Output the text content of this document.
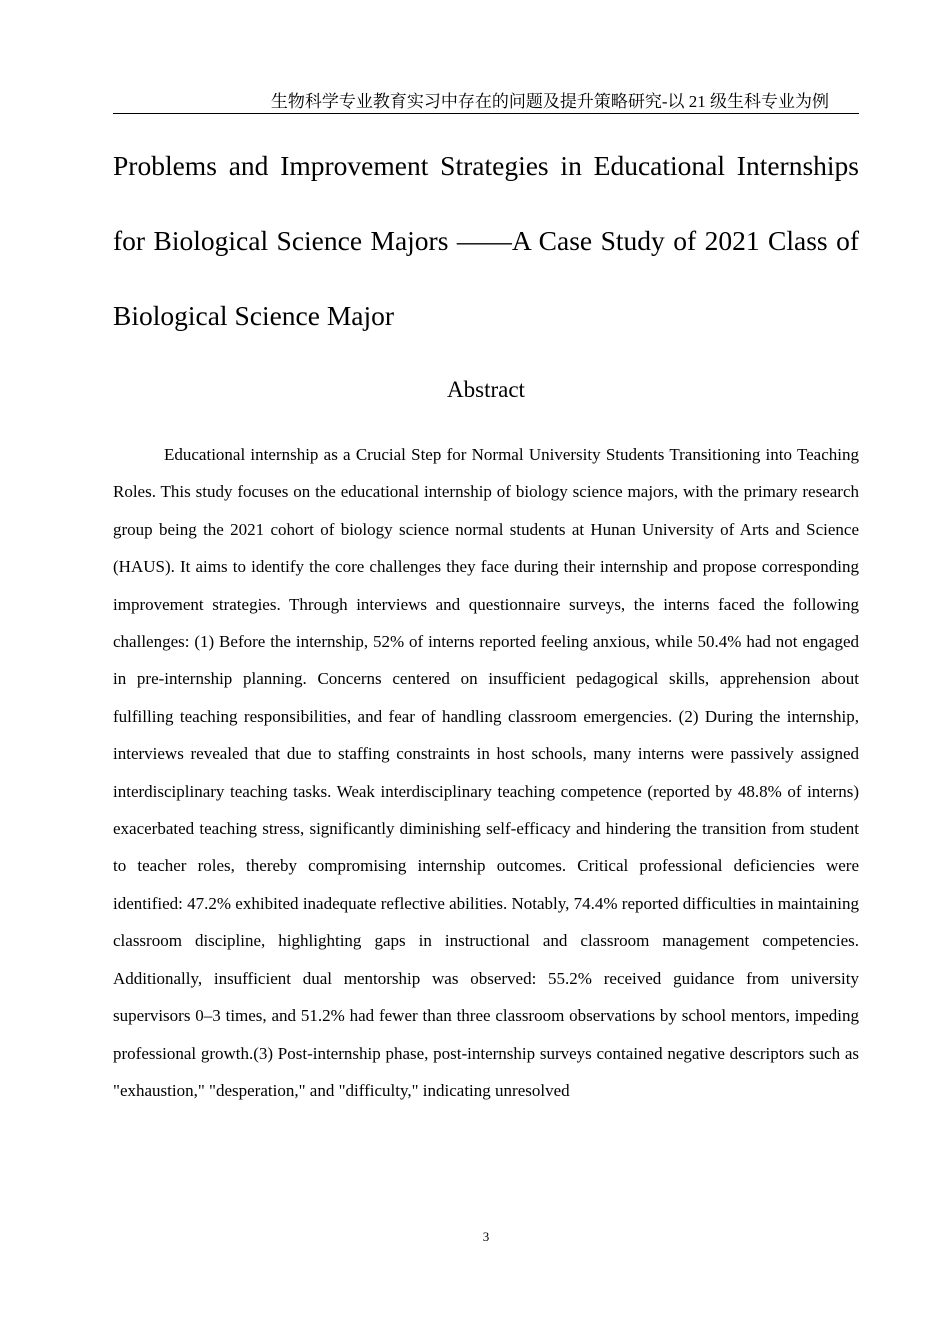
生物科学专业教育实习中存在的问题及提升策略研究-以 21 级生科专业为例
Problems and Improvement Strategies in Educational Internships for Biological Science Majors ——A Case Study of 2021 Class of Biological Science Major
Abstract

Educational internship as a Crucial Step for Normal University Students Transitioning into Teaching Roles. This study focuses on the educational internship of biology science majors, with the primary research group being the 2021 cohort of biology science normal students at Hunan University of Arts and Science (HAUS). It aims to identify the core challenges they face during their internship and propose corresponding improvement strategies. Through interviews and questionnaire surveys, the interns faced the following challenges: (1) Before the internship, 52% of interns reported feeling anxious, while 50.4% had not engaged in pre-internship planning. Concerns centered on insufficient pedagogical skills, apprehension about fulfilling teaching responsibilities, and fear of handling classroom emergencies. (2) During the internship, interviews revealed that due to staffing constraints in host schools, many interns were passively assigned interdisciplinary teaching tasks. Weak interdisciplinary teaching competence (reported by 48.8% of interns) exacerbated teaching stress, significantly diminishing self-efficacy and hindering the transition from student to teacher roles, thereby compromising internship outcomes. Critical professional deficiencies were identified: 47.2% exhibited inadequate reflective abilities. Notably, 74.4% reported difficulties in maintaining classroom discipline, highlighting gaps in instructional and classroom management competencies. Additionally, insufficient dual mentorship was observed: 55.2% received guidance from university supervisors 0–3 times, and 51.2% had fewer than three classroom observations by school mentors, impeding professional growth.(3) Post-internship phase, post-internship surveys contained negative descriptors such as "exhaustion," "desperation," and "difficulty," indicating unresolved

3
